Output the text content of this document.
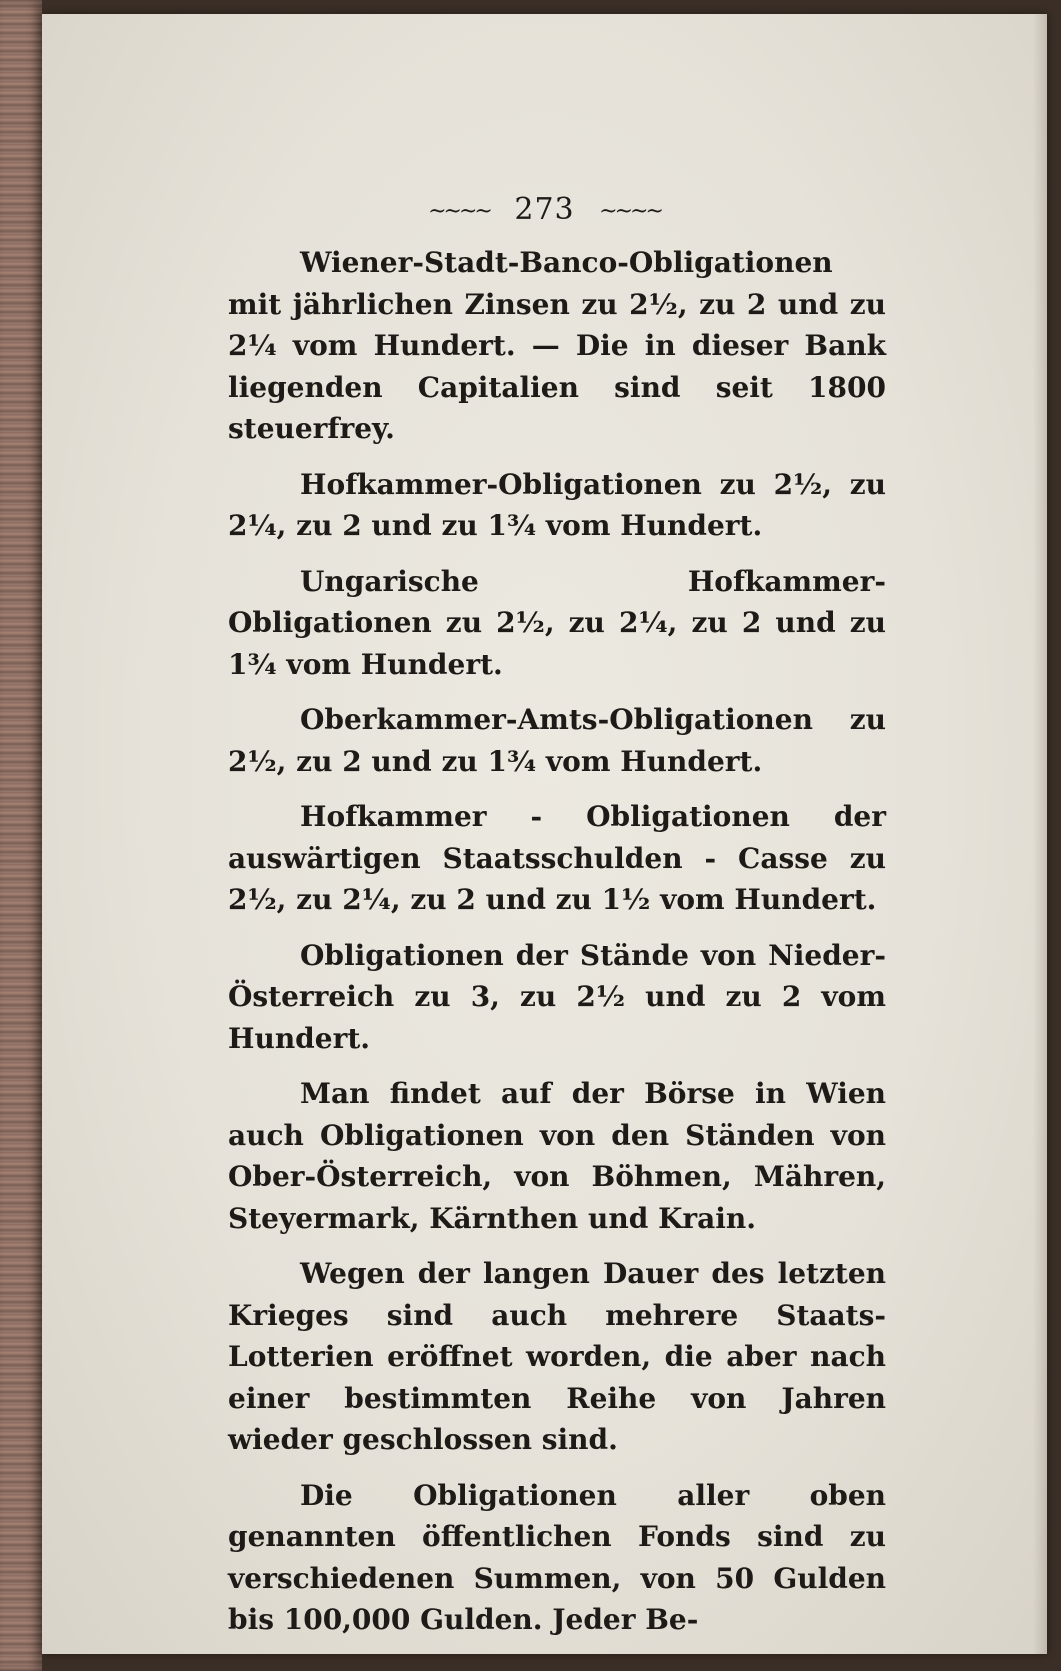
~~~~ 273 ~~~~

Wiener-Stadt-Banco-Obligationen mit jährlichen Zinsen zu 2½, zu 2 und zu 2¼ vom Hundert. — Die in dieser Bank liegenden Capitalien sind seit 1800 steuerfrey.

Hofkammer-Obligationen zu 2½, zu 2¼, zu 2 und zu 1¾ vom Hundert.

Ungarische Hofkammer-Obligationen zu 2½, zu 2¼, zu 2 und zu 1¾ vom Hundert.

Oberkammer-Amts-Obligationen zu 2½, zu 2 und zu 1¾ vom Hundert.

Hofkammer - Obligationen der auswärtigen Staatsschulden - Casse zu 2½, zu 2¼, zu 2 und zu 1½ vom Hundert.

Obligationen der Stände von Nieder-Österreich zu 3, zu 2½ und zu 2 vom Hundert.

Man findet auf der Börse in Wien auch Obligationen von den Ständen von Ober-Österreich, von Böhmen, Mähren, Steyermark, Kärnthen und Krain.

Wegen der langen Dauer des letzten Krieges sind auch mehrere Staats-Lotterien eröffnet worden, die aber nach einer bestimmten Reihe von Jahren wieder geschlossen sind.

Die Obligationen aller oben genannten öffentlichen Fonds sind zu verschiedenen Summen, von 50 Gulden bis 100,000 Gulden. Jeder Be-
